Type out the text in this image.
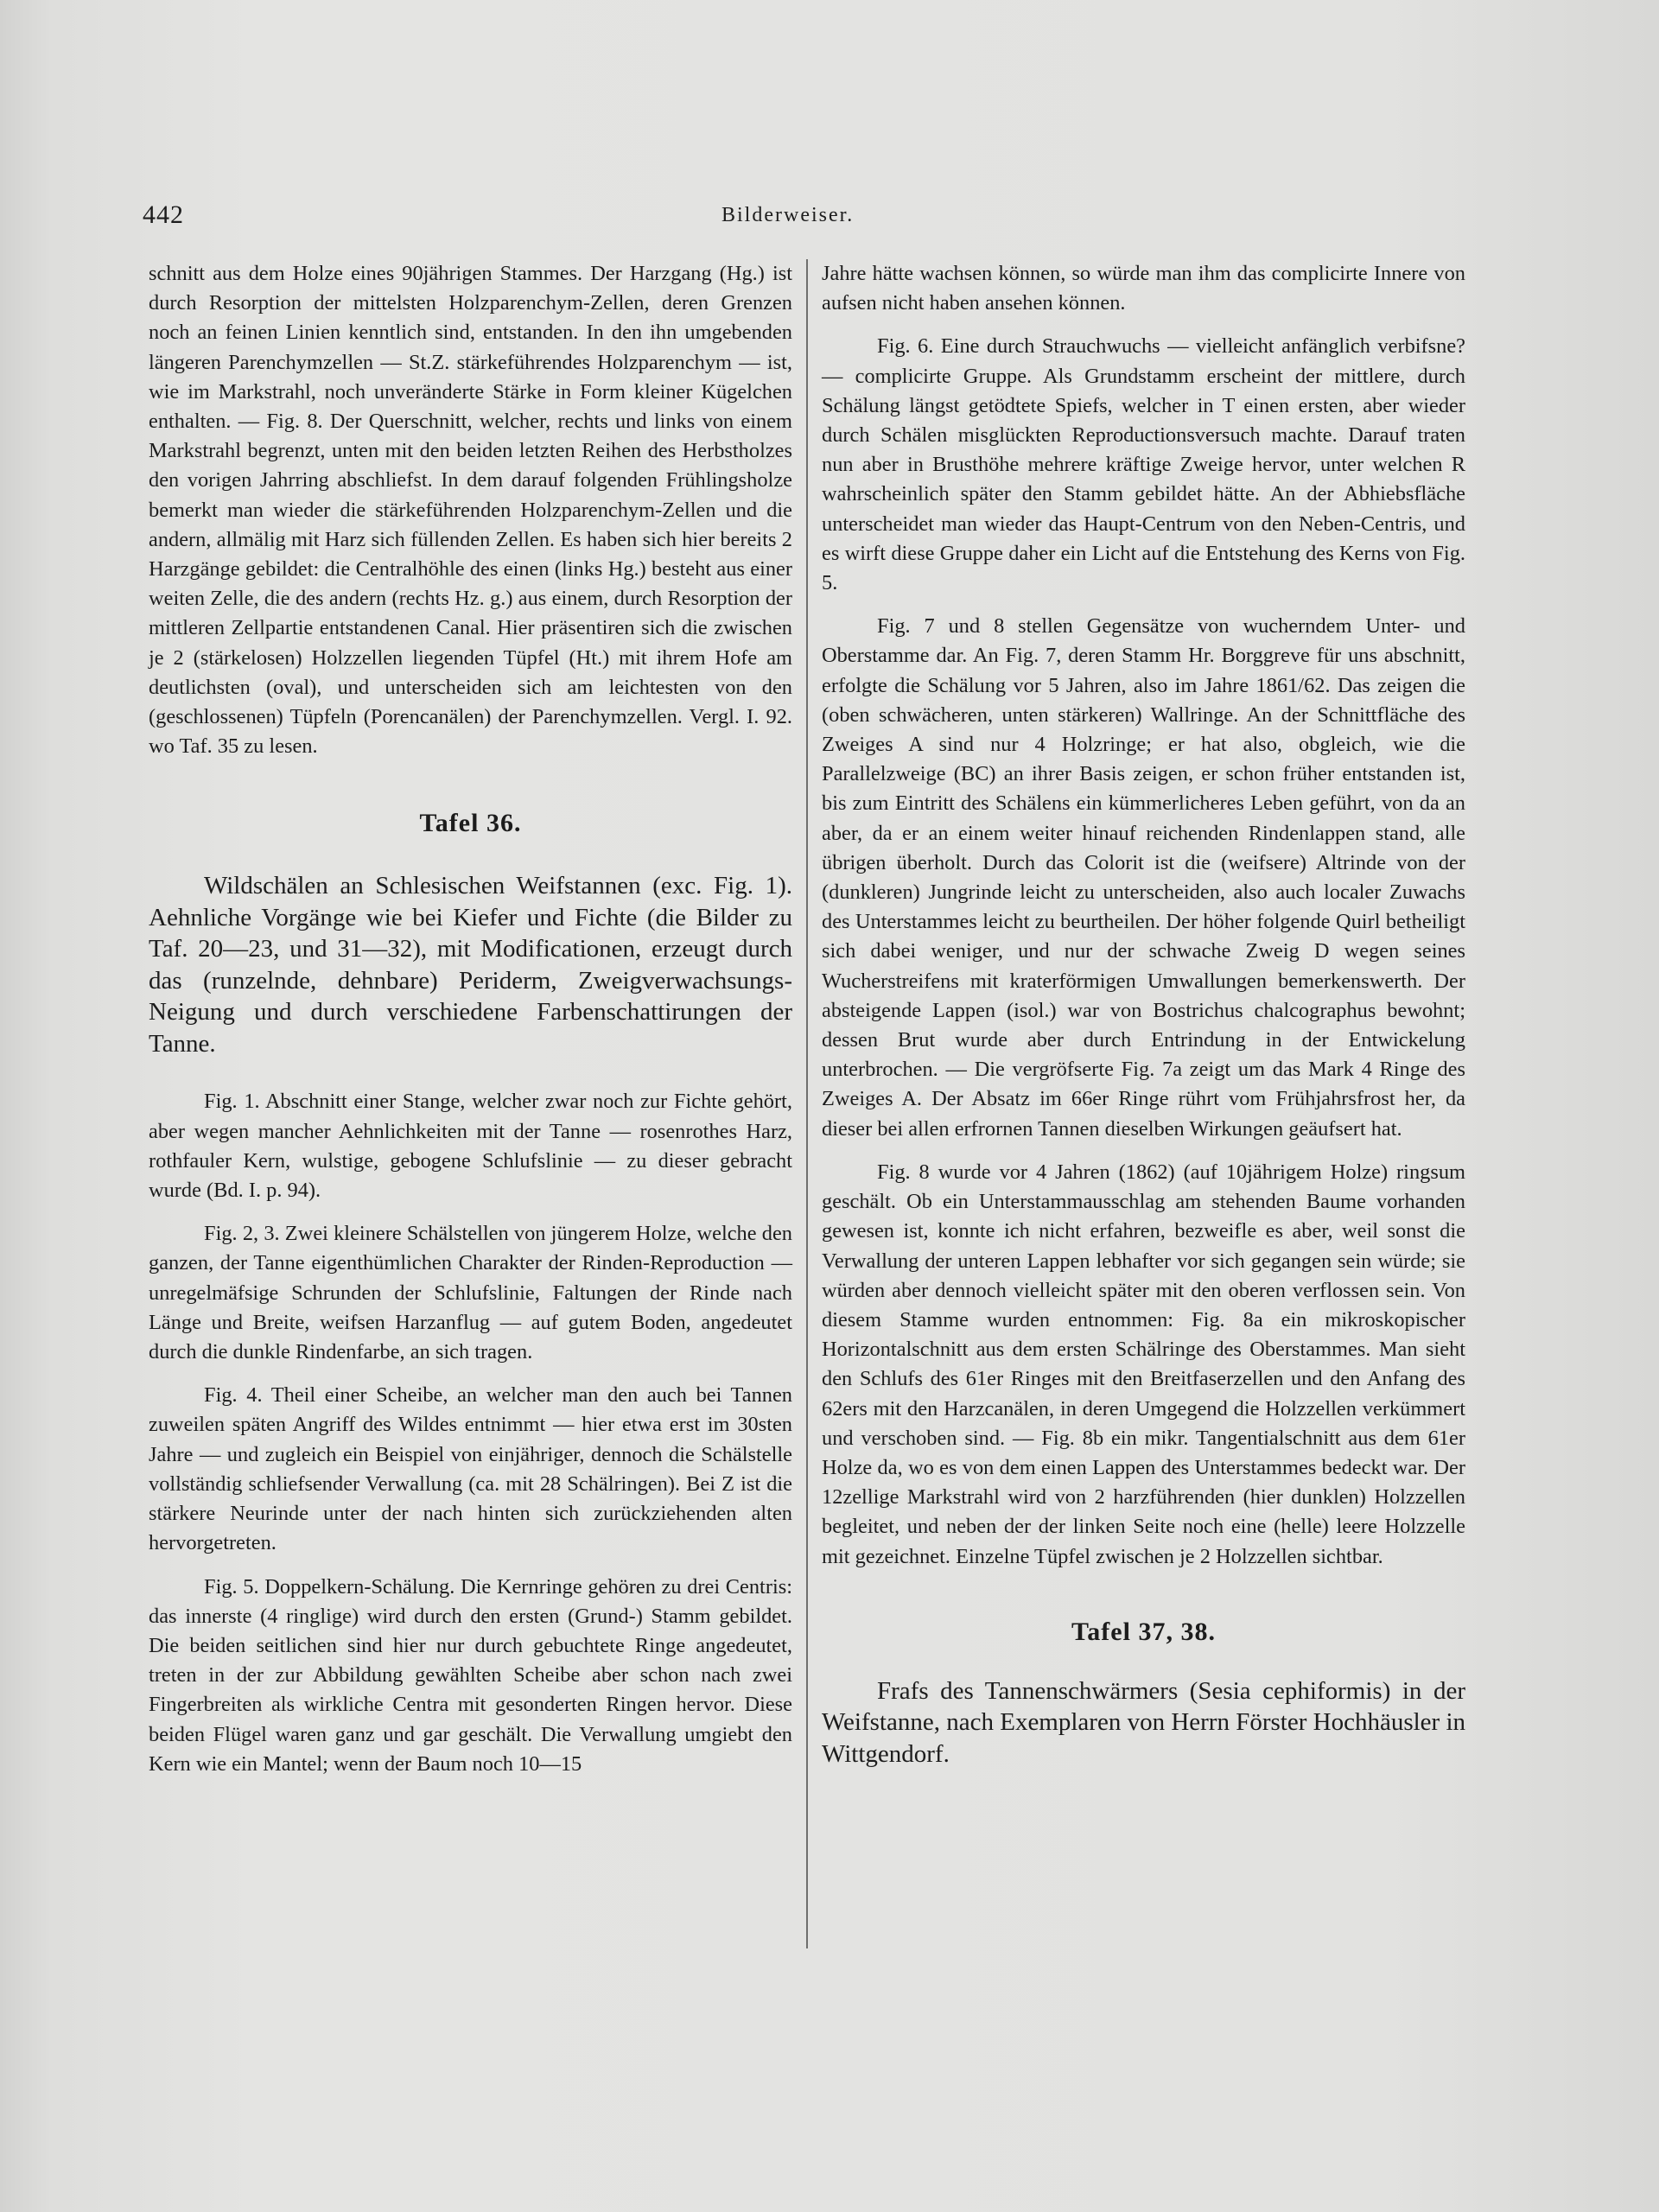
442	Bilderweiser.

schnitt aus dem Holze eines 90jährigen Stammes. Der Harzgang (Hg.) ist durch Resorption der mittelsten Holzparenchym-Zellen, deren Grenzen noch an feinen Linien kenntlich sind, entstanden. In den ihn umgebenden längeren Parenchymzellen — St.Z. stärkeführendes Holzparenchym — ist, wie im Markstrahl, noch unveränderte Stärke in Form kleiner Kügelchen enthalten. — Fig. 8. Der Querschnitt, welcher, rechts und links von einem Markstrahl begrenzt, unten mit den beiden letzten Reihen des Herbstholzes den vorigen Jahrring abschliefst. In dem darauf folgenden Frühlingsholze bemerkt man wieder die stärkeführenden Holzparenchym-Zellen und die andern, allmälig mit Harz sich füllenden Zellen. Es haben sich hier bereits 2 Harzgänge gebildet: die Centralhöhle des einen (links Hg.) besteht aus einer weiten Zelle, die des andern (rechts Hz. g.) aus einem, durch Resorption der mittleren Zellpartie entstandenen Canal. Hier präsentiren sich die zwischen je 2 (stärkelosen) Holzzellen liegenden Tüpfel (Ht.) mit ihrem Hofe am deutlichsten (oval), und unterscheiden sich am leichtesten von den (geschlossenen) Tüpfeln (Porencanälen) der Parenchymzellen. Vergl. I. 92. wo Taf. 35 zu lesen.

Tafel 36.

Wildschälen an Schlesischen Weifstannen (exc. Fig. 1). Aehnliche Vorgänge wie bei Kiefer und Fichte (die Bilder zu Taf. 20—23, und 31—32), mit Modificationen, erzeugt durch das (runzelnde, dehnbare) Periderm, Zweigverwachsungs-Neigung und durch verschiedene Farbenschattirungen der Tanne.

Fig. 1. Abschnitt einer Stange, welcher zwar noch zur Fichte gehört, aber wegen mancher Aehnlichkeiten mit der Tanne — rosenrothes Harz, rothfauler Kern, wulstige, gebogene Schlufslinie — zu dieser gebracht wurde (Bd. I. p. 94).

Fig. 2, 3. Zwei kleinere Schälstellen von jüngerem Holze, welche den ganzen, der Tanne eigenthümlichen Charakter der Rinden-Reproduction — unregelmäfsige Schrunden der Schlufslinie, Faltungen der Rinde nach Länge und Breite, weifsen Harzanflug — auf gutem Boden, angedeutet durch die dunkle Rindenfarbe, an sich tragen.

Fig. 4. Theil einer Scheibe, an welcher man den auch bei Tannen zuweilen späten Angriff des Wildes entnimmt — hier etwa erst im 30sten Jahre — und zugleich ein Beispiel von einjähriger, dennoch die Schälstelle vollständig schliefsender Verwallung (ca. mit 28 Schälringen). Bei Z ist die stärkere Neurinde unter der nach hinten sich zurückziehenden alten hervorgetreten.

Fig. 5. Doppelkern-Schälung. Die Kernringe gehören zu drei Centris: das innerste (4 ringlige) wird durch den ersten (Grund-) Stamm gebildet. Die beiden seitlichen sind hier nur durch gebuchtete Ringe angedeutet, treten in der zur Abbildung gewählten Scheibe aber schon nach zwei Fingerbreiten als wirkliche Centra mit gesonderten Ringen hervor. Diese beiden Flügel waren ganz und gar geschält. Die Verwallung umgiebt den Kern wie ein Mantel; wenn der Baum noch 10—15

Jahre hätte wachsen können, so würde man ihm das complicirte Innere von aufsen nicht haben ansehen können.

Fig. 6. Eine durch Strauchwuchs — vielleicht anfänglich verbifsne? — complicirte Gruppe. Als Grundstamm erscheint der mittlere, durch Schälung längst getödtete Spiefs, welcher in T einen ersten, aber wieder durch Schälen misglückten Reproductionsversuch machte. Darauf traten nun aber in Brusthöhe mehrere kräftige Zweige hervor, unter welchen R wahrscheinlich später den Stamm gebildet hätte. An der Abhiebsfläche unterscheidet man wieder das Haupt-Centrum von den Neben-Centris, und es wirft diese Gruppe daher ein Licht auf die Entstehung des Kerns von Fig. 5.

Fig. 7 und 8 stellen Gegensätze von wucherndem Unter- und Oberstamme dar. An Fig. 7, deren Stamm Hr. Borggreve für uns abschnitt, erfolgte die Schälung vor 5 Jahren, also im Jahre 1861/62. Das zeigen die (oben schwächeren, unten stärkeren) Wallringe. An der Schnittfläche des Zweiges A sind nur 4 Holzringe; er hat also, obgleich, wie die Parallelzweige (BC) an ihrer Basis zeigen, er schon früher entstanden ist, bis zum Eintritt des Schälens ein kümmerlicheres Leben geführt, von da an aber, da er an einem weiter hinauf reichenden Rindenlappen stand, alle übrigen überholt. Durch das Colorit ist die (weifsere) Altrinde von der (dunkleren) Jungrinde leicht zu unterscheiden, also auch localer Zuwachs des Unterstammes leicht zu beurtheilen. Der höher folgende Quirl betheiligt sich dabei weniger, und nur der schwache Zweig D wegen seines Wucherstreifens mit kraterförmigen Umwallungen bemerkenswerth. Der absteigende Lappen (isol.) war von Bostrichus chalcographus bewohnt; dessen Brut wurde aber durch Entrindung in der Entwickelung unterbrochen. — Die vergröfserte Fig. 7a zeigt um das Mark 4 Ringe des Zweiges A. Der Absatz im 66er Ringe rührt vom Frühjahrsfrost her, da dieser bei allen erfrornen Tannen dieselben Wirkungen geäufsert hat.

Fig. 8 wurde vor 4 Jahren (1862) (auf 10jährigem Holze) ringsum geschält. Ob ein Unterstammausschlag am stehenden Baume vorhanden gewesen ist, konnte ich nicht erfahren, bezweifle es aber, weil sonst die Verwallung der unteren Lappen lebhafter vor sich gegangen sein würde; sie würden aber dennoch vielleicht später mit den oberen verflossen sein. Von diesem Stamme wurden entnommen: Fig. 8a ein mikroskopischer Horizontalschnitt aus dem ersten Schälringe des Oberstammes. Man sieht den Schlufs des 61er Ringes mit den Breitfaserzellen und den Anfang des 62ers mit den Harzcanälen, in deren Umgegend die Holzzellen verkümmert und verschoben sind. — Fig. 8b ein mikr. Tangentialschnitt aus dem 61er Holze da, wo es von dem einen Lappen des Unterstammes bedeckt war. Der 12zellige Markstrahl wird von 2 harzführenden (hier dunklen) Holzzellen begleitet, und neben der der linken Seite noch eine (helle) leere Holzzelle mit gezeichnet. Einzelne Tüpfel zwischen je 2 Holzzellen sichtbar.

Tafel 37, 38.

Frafs des Tannenschwärmers (Sesia cephiformis) in der Weifstanne, nach Exemplaren von Herrn Förster Hochhäusler in Wittgendorf.
